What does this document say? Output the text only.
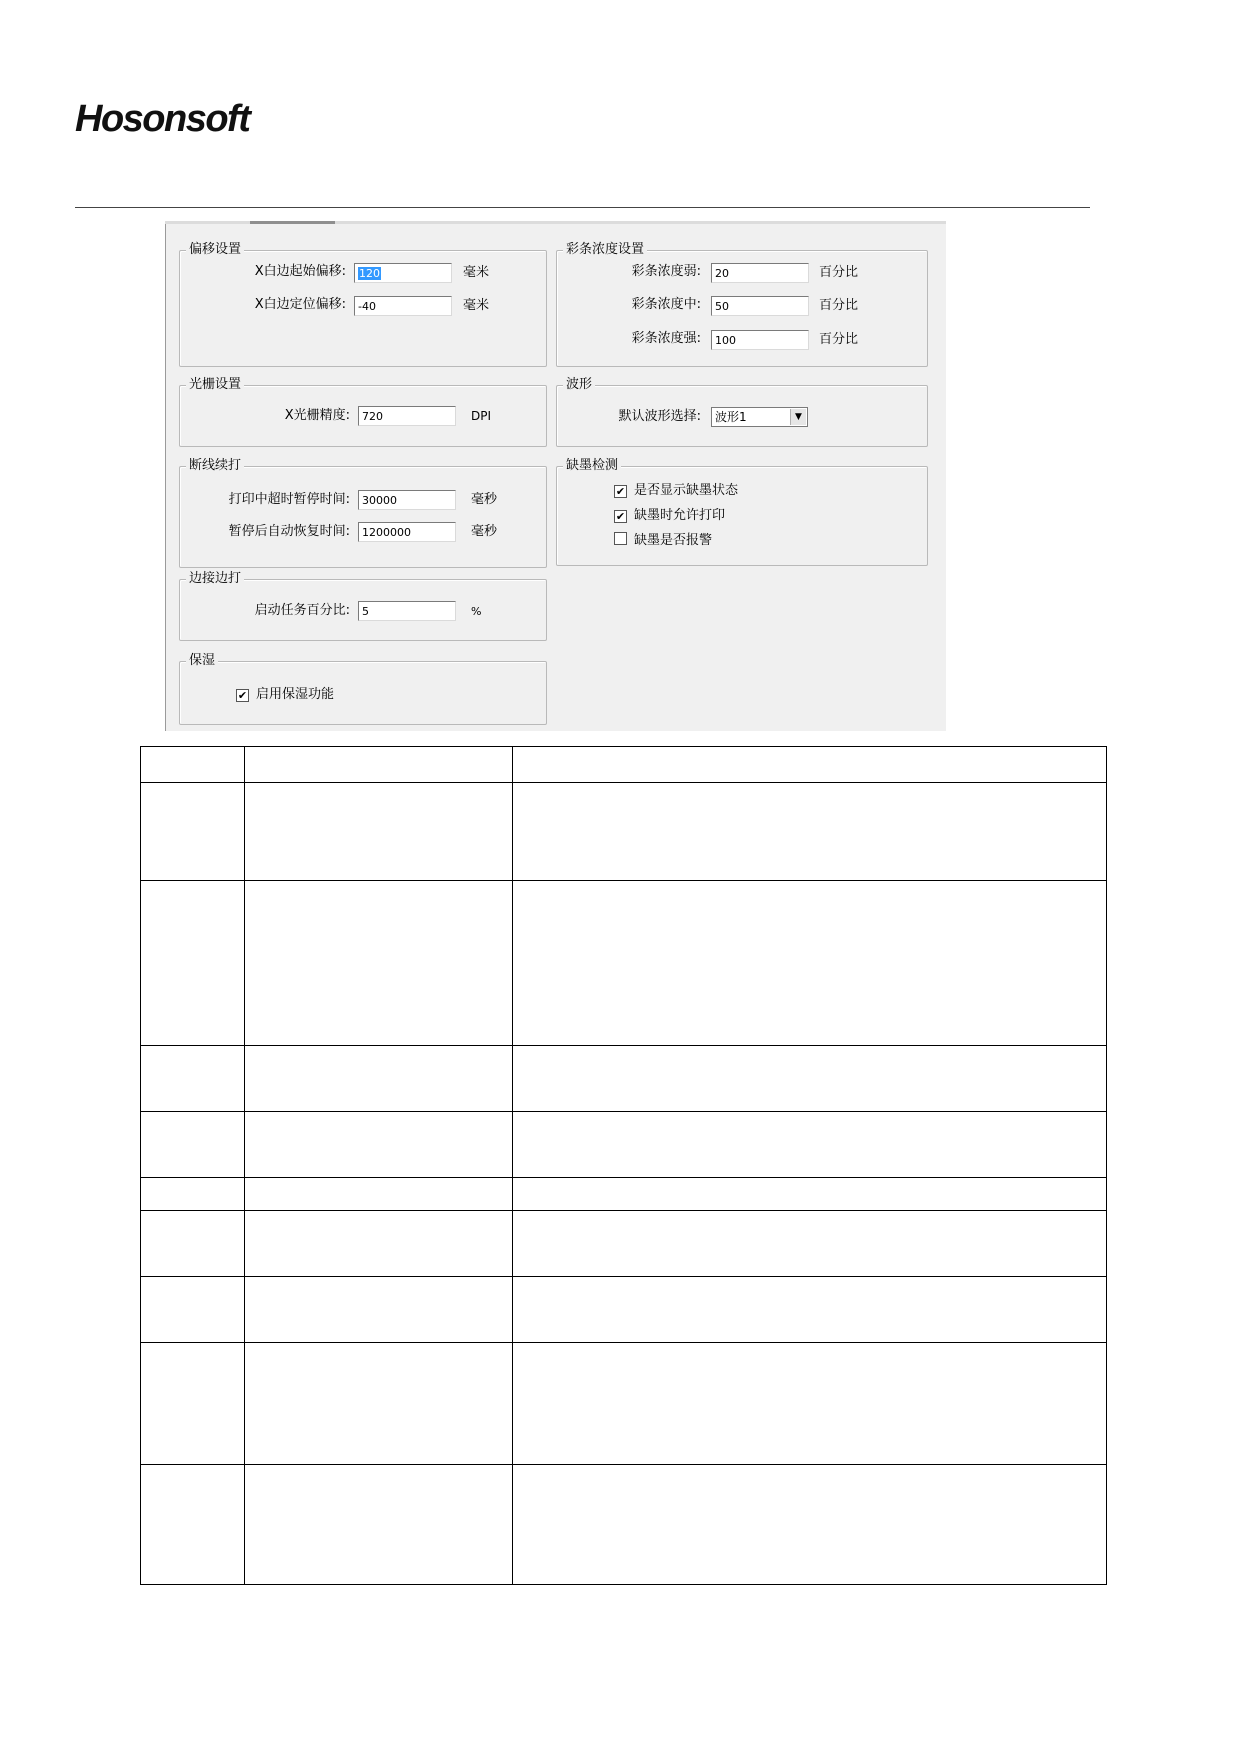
Hosonsoft
偏移设置
X白边起始偏移:	120	毫米
X白边定位偏移:	-40	毫米
彩条浓度设置
彩条浓度弱:	20	百分比
彩条浓度中:	50	百分比
彩条浓度强:	100	百分比
光栅设置
X光栅精度:	720	DPI
波形
默认波形选择:	波形1	▼
断线续打
打印中超时暂停时间:	30000	毫秒
暂停后自动恢复时间:	1200000	毫秒
缺墨检测
✔ 是否显示缺墨状态
✔ 缺墨时允许打印
缺墨是否报警
边接边打
启动任务百分比:	5	%
保湿
✔ 启用保湿功能
